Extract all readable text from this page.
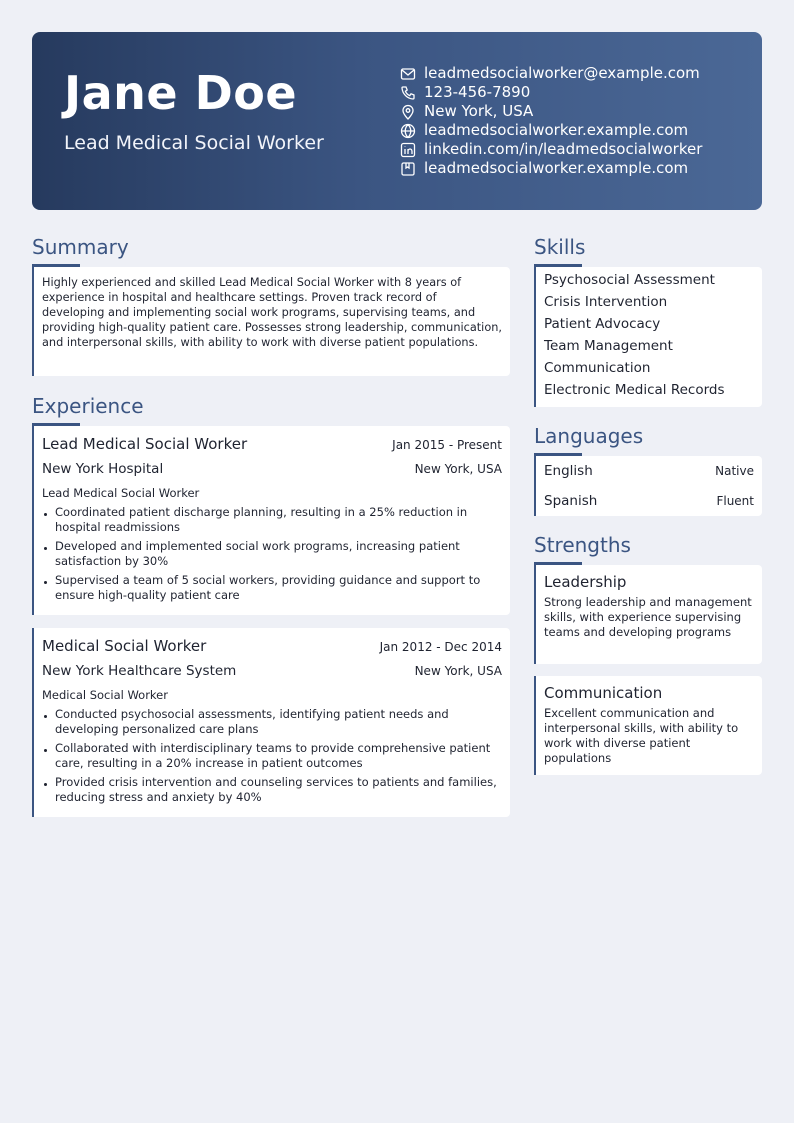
Jane Doe
Lead Medical Social Worker
leadmedsocialworker@example.com
123-456-7890
New York, USA
leadmedsocialworker.example.com
linkedin.com/in/leadmedsocialworker
leadmedsocialworker.example.com
Summary

Highly experienced and skilled Lead Medical Social Worker with 8 years of experience in hospital and healthcare settings. Proven track record of developing and implementing social work programs, supervising teams, and providing high-quality patient care. Possesses strong leadership, communication, and interpersonal skills, with ability to work with diverse patient populations.

Experience
Lead Medical Social Worker	Jan 2015 - Present
New York Hospital	New York, USA
Lead Medical Social Worker
Coordinated patient discharge planning, resulting in a 25% reduction in hospital readmissions
Developed and implemented social work programs, increasing patient satisfaction by 30%
Supervised a team of 5 social workers, providing guidance and support to ensure high-quality patient care
Medical Social Worker	Jan 2012 - Dec 2014
New York Healthcare System	New York, USA
Medical Social Worker
Conducted psychosocial assessments, identifying patient needs and developing personalized care plans
Collaborated with interdisciplinary teams to provide comprehensive patient care, resulting in a 20% increase in patient outcomes
Provided crisis intervention and counseling services to patients and families, reducing stress and anxiety by 40%
Skills
Psychosocial Assessment
Crisis Intervention
Patient Advocacy
Team Management
Communication
Electronic Medical Records
Languages
English	Native
Spanish	Fluent
Strengths
Leadership
Strong leadership and management skills, with experience supervising teams and developing programs
Communication
Excellent communication and interpersonal skills, with ability to work with diverse patient populations
